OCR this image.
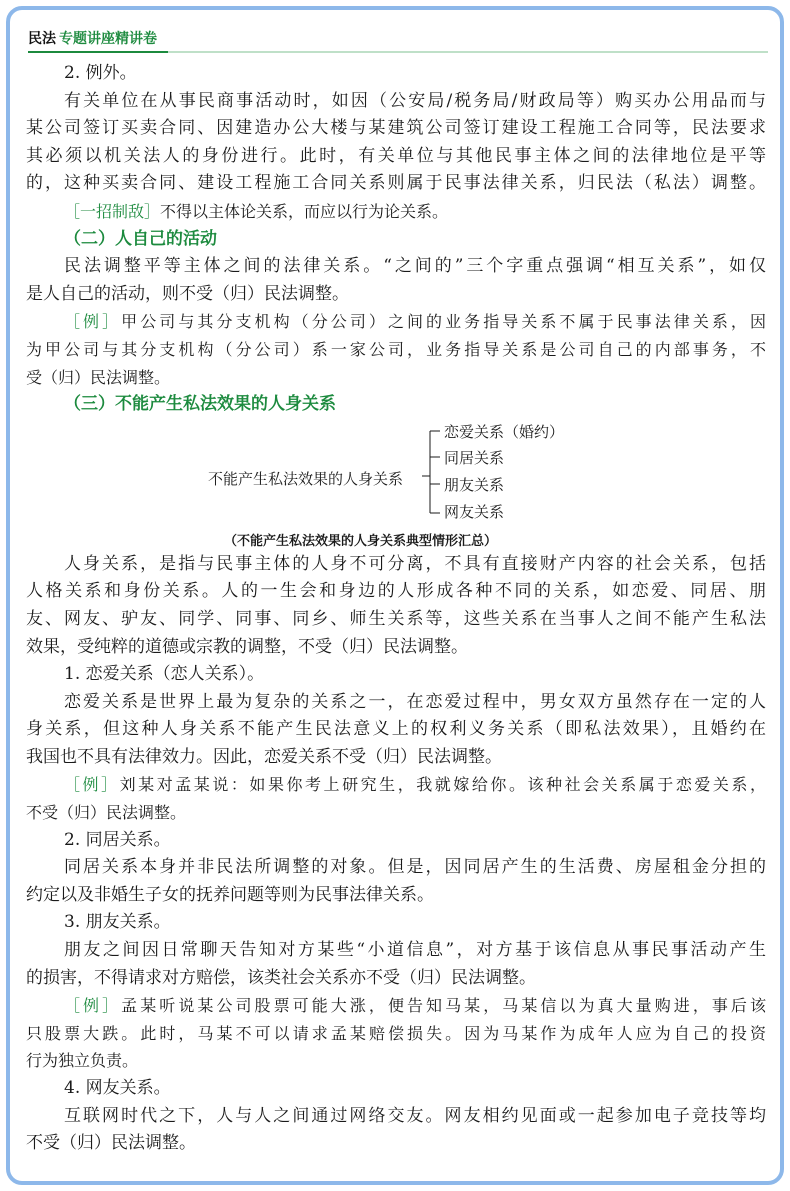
民法 专题讲座精讲卷
2. 例外。
有关单位在从事民商事活动时，如因（公安局/税务局/财政局等）购买办公用品而与
某公司签订买卖合同、因建造办公大楼与某建筑公司签订建设工程施工合同等，民法要求
其必须以机关法人的身份进行。此时，有关单位与其他民事主体之间的法律地位是平等
的，这种买卖合同、建设工程施工合同关系则属于民事法律关系，归民法（私法）调整。
［一招制敌］不得以主体论关系，而应以行为论关系。
（二）人自己的活动
民法调整平等主体之间的法律关系。“之间的”三个字重点强调“相互关系”，如仅
是人自己的活动，则不受（归）民法调整。
［例］甲公司与其分支机构（分公司）之间的业务指导关系不属于民事法律关系，因
为甲公司与其分支机构（分公司）系一家公司，业务指导关系是公司自己的内部事务，不
受（归）民法调整。
（三）不能产生私法效果的人身关系
不能产生私法效果的人身关系
恋爱关系（婚约）
同居关系
朋友关系
网友关系
（不能产生私法效果的人身关系典型情形汇总）
人身关系，是指与民事主体的人身不可分离，不具有直接财产内容的社会关系，包括
人格关系和身份关系。人的一生会和身边的人形成各种不同的关系，如恋爱、同居、朋
友、网友、驴友、同学、同事、同乡、师生关系等，这些关系在当事人之间不能产生私法
效果，受纯粹的道德或宗教的调整，不受（归）民法调整。
1. 恋爱关系（恋人关系）。
恋爱关系是世界上最为复杂的关系之一，在恋爱过程中，男女双方虽然存在一定的人
身关系，但这种人身关系不能产生民法意义上的权利义务关系（即私法效果），且婚约在
我国也不具有法律效力。因此，恋爱关系不受（归）民法调整。
［例］刘某对孟某说：如果你考上研究生，我就嫁给你。该种社会关系属于恋爱关系，
不受（归）民法调整。
2. 同居关系。
同居关系本身并非民法所调整的对象。但是，因同居产生的生活费、房屋租金分担的
约定以及非婚生子女的抚养问题等则为民事法律关系。
3. 朋友关系。
朋友之间因日常聊天告知对方某些“小道信息”，对方基于该信息从事民事活动产生
的损害，不得请求对方赔偿，该类社会关系亦不受（归）民法调整。
［例］孟某听说某公司股票可能大涨，便告知马某，马某信以为真大量购进，事后该
只股票大跌。此时，马某不可以请求孟某赔偿损失。因为马某作为成年人应为自己的投资
行为独立负责。
4. 网友关系。
互联网时代之下，人与人之间通过网络交友。网友相约见面或一起参加电子竞技等均
不受（归）民法调整。
